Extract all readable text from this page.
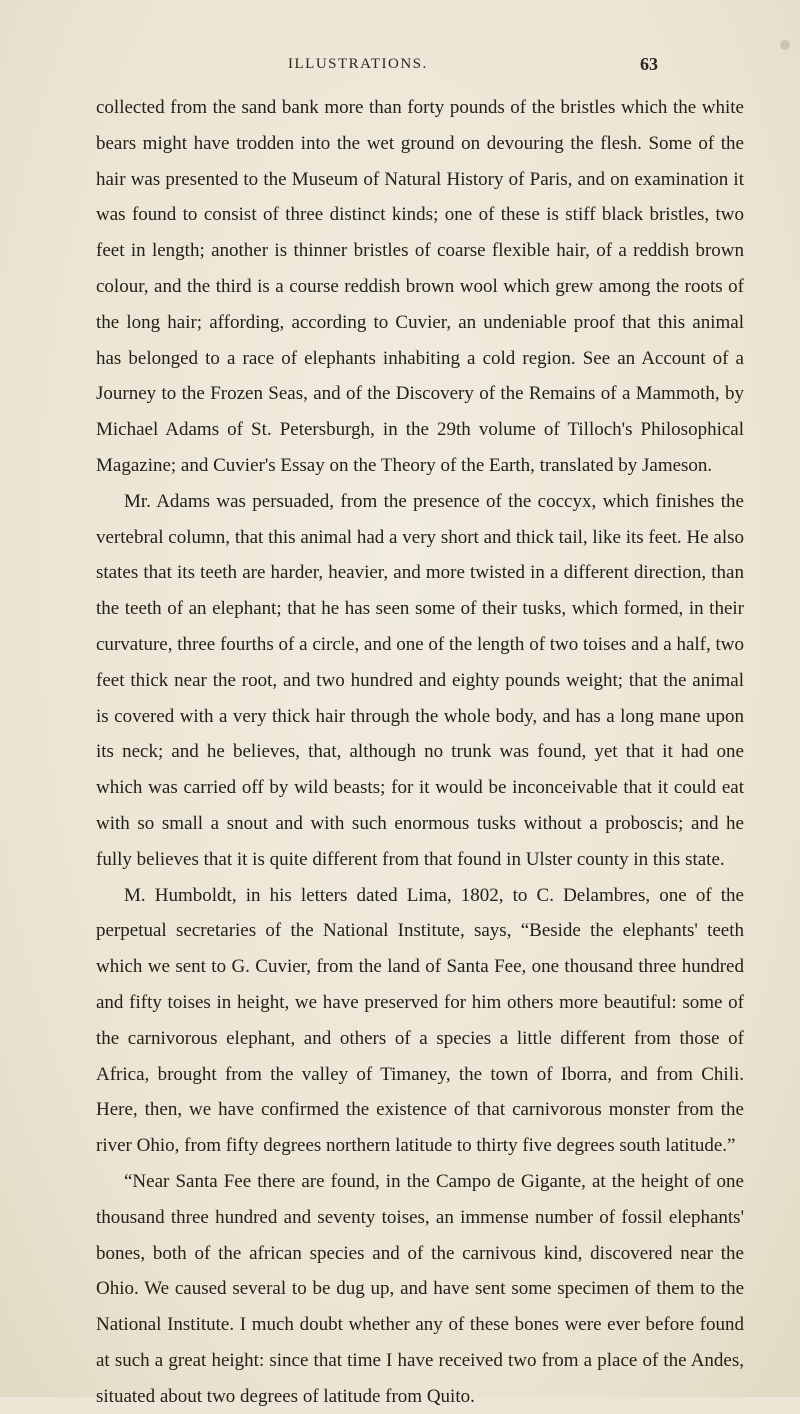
ILLUSTRATIONS.	63

collected from the sand bank more than forty pounds of the bristles which the white bears might have trodden into the wet ground on devouring the flesh. Some of the hair was presented to the Museum of Natural History of Paris, and on examination it was found to consist of three distinct kinds; one of these is stiff black bristles, two feet in length; another is thinner bristles of coarse flexible hair, of a reddish brown colour, and the third is a course reddish brown wool which grew among the roots of the long hair; affording, according to Cuvier, an undeniable proof that this animal has belonged to a race of elephants inhabiting a cold region. See an Account of a Journey to the Frozen Seas, and of the Discovery of the Remains of a Mammoth, by Michael Adams of St. Petersburgh, in the 29th volume of Tilloch's Philosophical Magazine; and Cuvier's Essay on the Theory of the Earth, translated by Jameson.

Mr. Adams was persuaded, from the presence of the coccyx, which finishes the vertebral column, that this animal had a very short and thick tail, like its feet. He also states that its teeth are harder, heavier, and more twisted in a different direction, than the teeth of an elephant; that he has seen some of their tusks, which formed, in their curvature, three fourths of a circle, and one of the length of two toises and a half, two feet thick near the root, and two hundred and eighty pounds weight; that the animal is covered with a very thick hair through the whole body, and has a long mane upon its neck; and he believes, that, although no trunk was found, yet that it had one which was carried off by wild beasts; for it would be inconceivable that it could eat with so small a snout and with such enormous tusks without a proboscis; and he fully believes that it is quite different from that found in Ulster county in this state.

M. Humboldt, in his letters dated Lima, 1802, to C. Delambres, one of the perpetual secretaries of the National Institute, says, “Beside the elephants' teeth which we sent to G. Cuvier, from the land of Santa Fee, one thousand three hundred and fifty toises in height, we have preserved for him others more beautiful: some of the carnivorous elephant, and others of a species a little different from those of Africa, brought from the valley of Timaney, the town of Iborra, and from Chili. Here, then, we have confirmed the existence of that carnivorous monster from the river Ohio, from fifty degrees northern latitude to thirty five degrees south latitude.”

“Near Santa Fee there are found, in the Campo de Gigante, at the height of one thousand three hundred and seventy toises, an immense number of fossil elephants' bones, both of the african species and of the carnivous kind, discovered near the Ohio. We caused several to be dug up, and have sent some specimen of them to the National Institute. I much doubt whether any of these bones were ever before found at such a great height: since that time I have received two from a place of the Andes, situated about two degrees of latitude from Quito.
